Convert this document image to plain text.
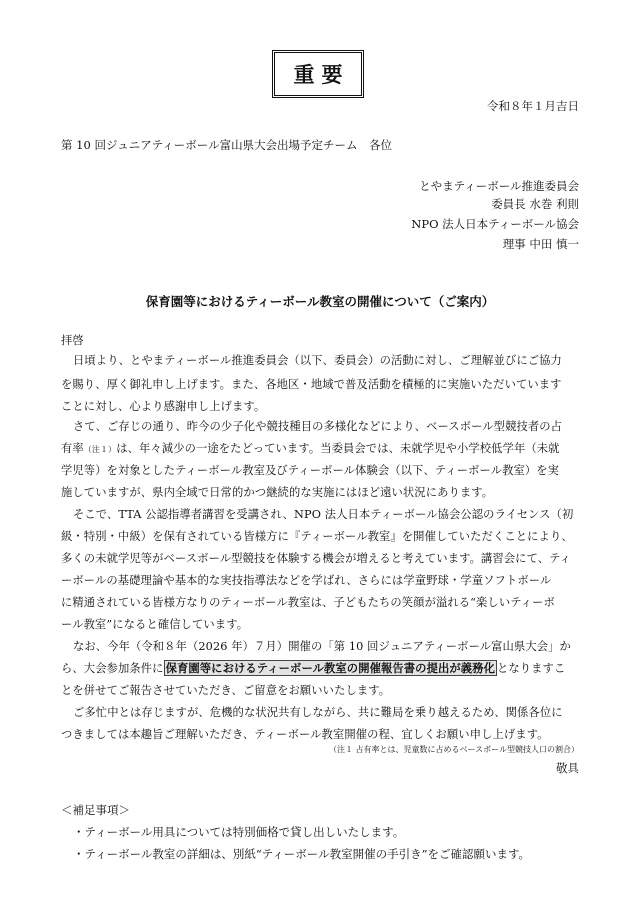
重要
令和８年１月吉日
第 10 回ジュニアティーボール富山県大会出場予定チーム　各位
とやまティーボール推進委員会
委員長 水巻 利則
NPO 法人日本ティーボール協会
理事 中田 慎一
保育園等におけるティーボール教室の開催について（ご案内）
拝啓
日頃より、とやまティーボール推進委員会（以下、委員会）の活動に対し、ご理解並びにご協力
を賜り、厚く御礼申し上げます。また、各地区・地域で普及活動を積極的に実施いただいています
ことに対し、心より感謝申し上げます。
さて、ご存じの通り、昨今の少子化や競技種目の多様化などにより、ベースボール型競技者の占
有率（注１）は、年々減少の一途をたどっています。当委員会では、未就学児や小学校低学年（未就
学児等）を対象としたティーボール教室及びティーボール体験会（以下、ティーボール教室）を実
施していますが、県内全域で日常的かつ継続的な実施にはほど遠い状況にあります。
そこで、TTA 公認指導者講習を受講され、NPO 法人日本ティーボール協会公認のライセンス（初
級・特別・中級）を保有されている皆様方に『ティーボール教室』を開催していただくことにより、
多くの未就学児等がベースボール型競技を体験する機会が増えると考えています。講習会にて、ティ
ーボールの基礎理論や基本的な実技指導法などを学ばれ、さらには学童野球・学童ソフトボール
に精通されている皆様方なりのティーボール教室は、子どもたちの笑顔が溢れる“楽しいティーボ
ール教室”になると確信しています。
なお、今年（令和８年（2026 年）７月）開催の「第 10 回ジュニアティーボール富山県大会」か
ら、大会参加条件に 保育園等におけるティーボール教室の開催報告書の提出が義務化 となりますこ
とを併せてご報告させていただき、ご留意をお願いいたします。
ご多忙中とは存じますが、危機的な状況共有しながら、共に難局を乗り越えるため、関係各位に
つきましては本趣旨ご理解いただき、ティーボール教室開催の程、宜しくお願い申し上げます。
（注１ 占有率とは、児童数に占めるベースボール型競技人口の割合）
敬具
＜補足事項＞
・ティーボール用具については特別価格で貸し出しいたします。
・ティーボール教室の詳細は、別紙“ティーボール教室開催の手引き”をご確認願います。
